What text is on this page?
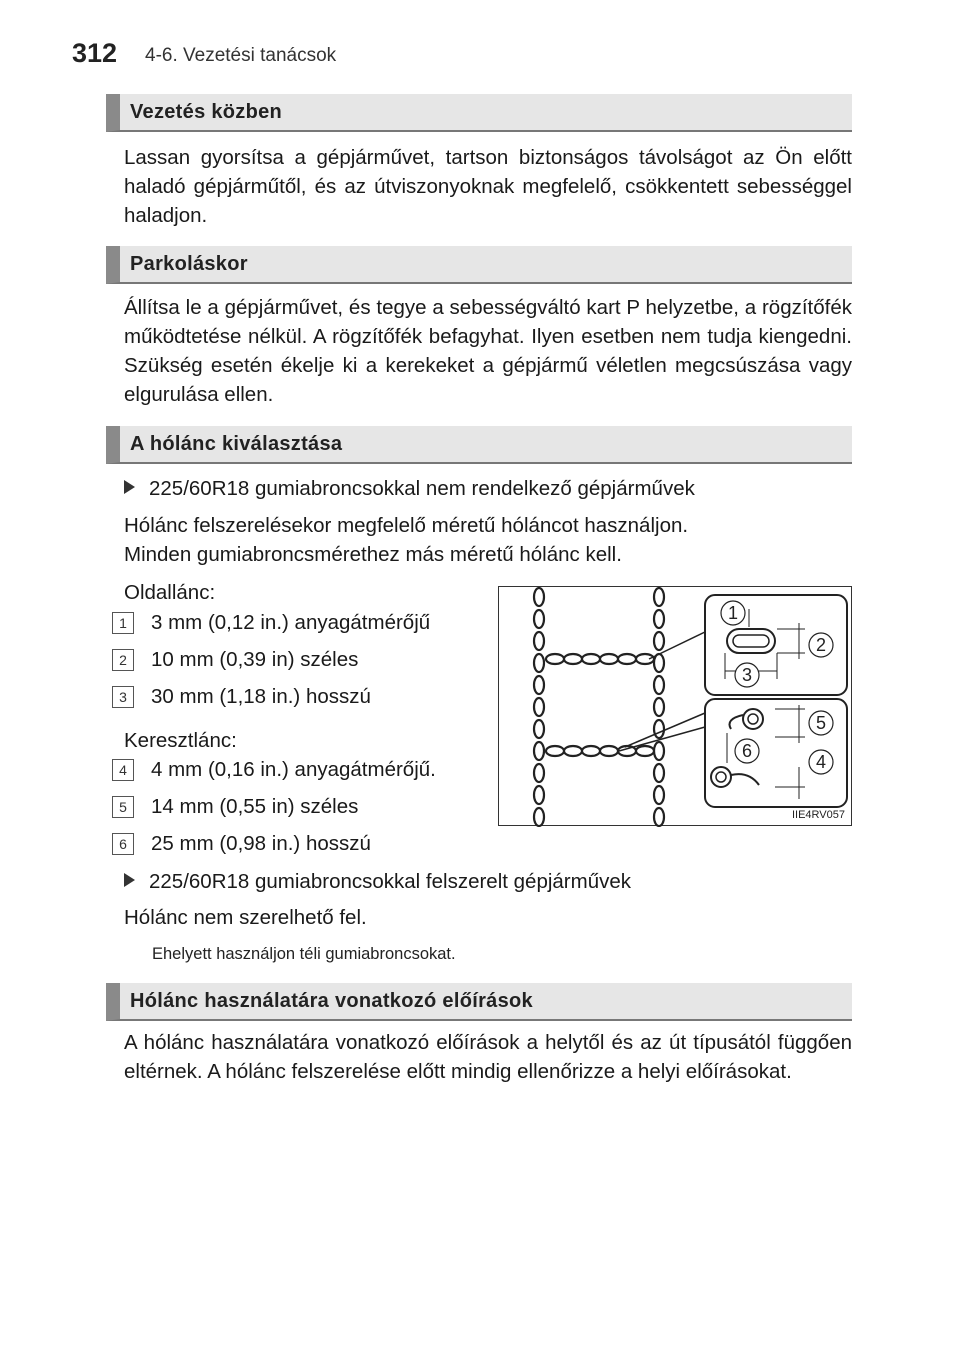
312 4-6. Vezetési tanácsok
Vezetés közben
Lassan gyorsítsa a gépjárművet, tartson biztonságos távolságot az Ön előtt haladó gépjárműtől, és az útviszonyoknak megfelelő, csökkentett sebességgel haladjon.
Parkoláskor
Állítsa le a gépjárművet, és tegye a sebességváltó kart P helyzetbe, a rögzítőfék működtetése nélkül. A rögzítőfék befagyhat. Ilyen esetben nem tudja kiengedni. Szükség esetén ékelje ki a kerekeket a gépjármű véletlen megcsúszása vagy elgurulása ellen.
A hólánc kiválasztása
225/60R18 gumiabroncsokkal nem rendelkező gépjárművek
Hólánc felszerelésekor megfelelő méretű hóláncot használjon.
Minden gumiabroncsmérethez más méretű hólánc kell.
Oldallánc:
1	3 mm (0,12 in.) anyagátmérőjű
2	10 mm (0,39 in) széles
3	30 mm (1,18 in.) hosszú
Keresztlánc:
4	4 mm (0,16 in.) anyagátmérőjű.
5	14 mm (0,55 in) széles
6	25 mm (0,98 in.) hosszú
1
2
3
4
5
6
IIE4RV057
225/60R18 gumiabroncsokkal felszerelt gépjárművek
Hólánc nem szerelhető fel.
Ehelyett használjon téli gumiabroncsokat.
Hólánc használatára vonatkozó előírások
A hólánc használatára vonatkozó előírások a helytől és az út típusától függően eltérnek. A hólánc felszerelése előtt mindig ellenőrizze a helyi előírásokat.
